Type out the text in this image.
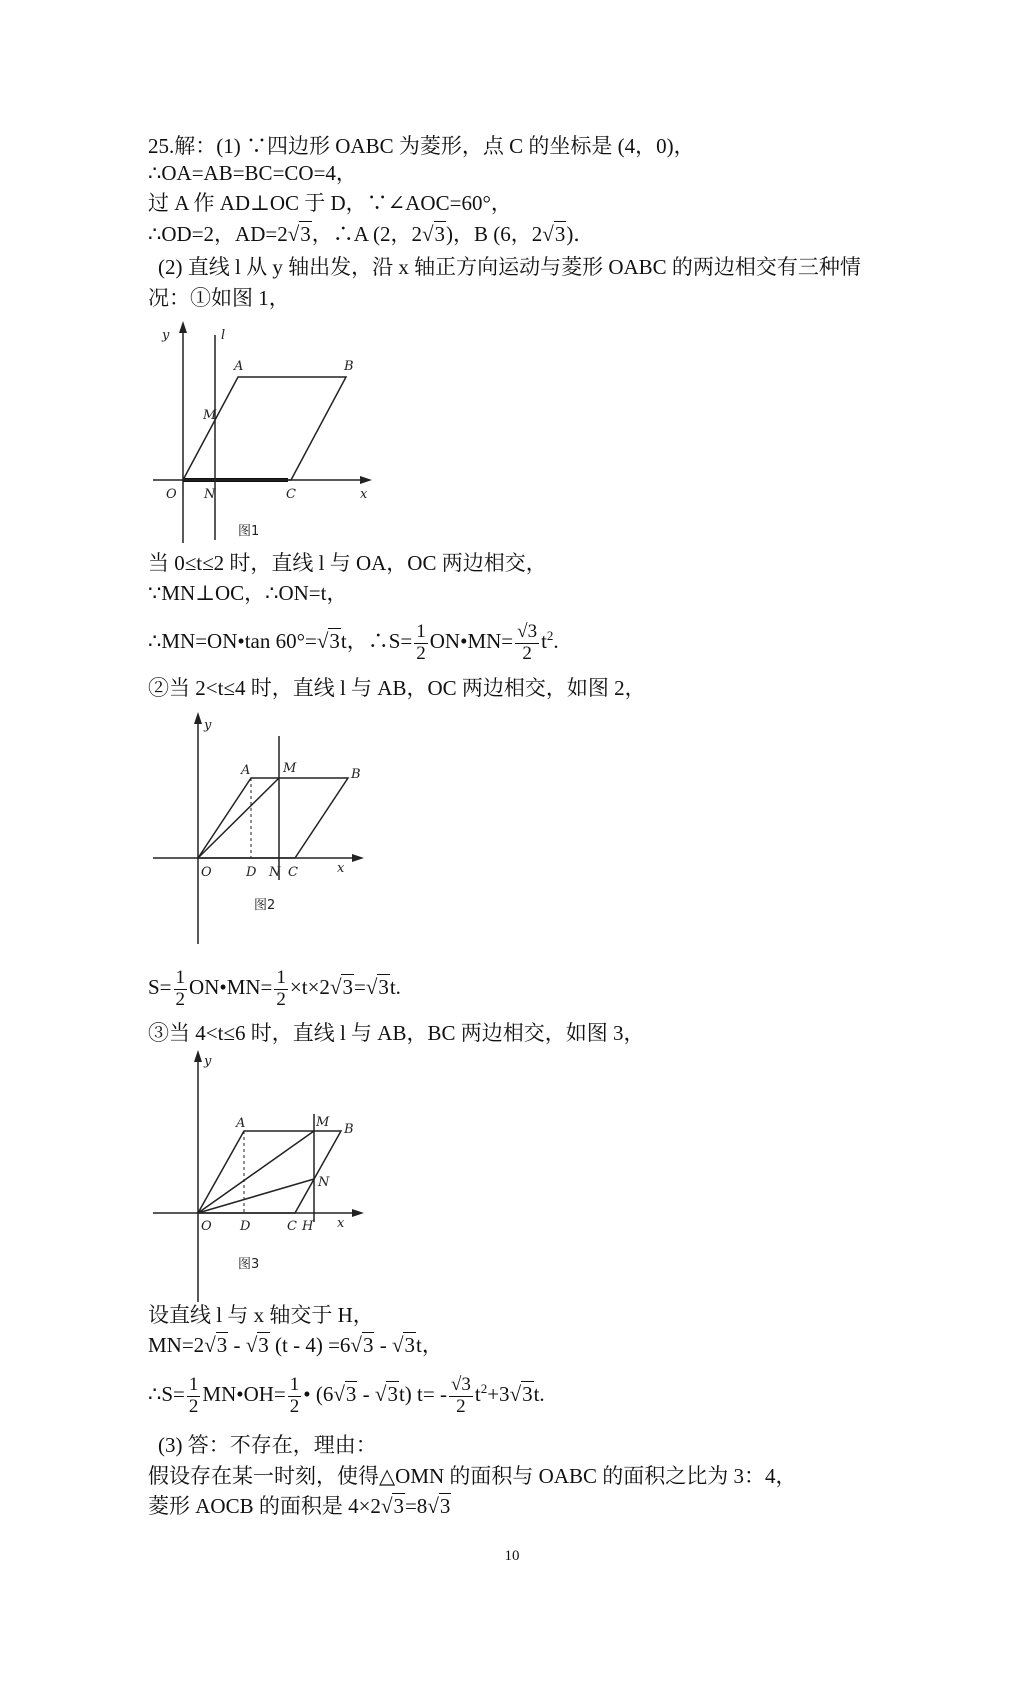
25.解：(1) ∵四边形 OABC 为菱形，点 C 的坐标是 (4，0)，
∴OA=AB=BC=CO=4，
过 A 作 AD⊥OC 于 D，∵∠AOC=60°，
∴OD=2，AD=2√3，∴A (2，2√3)，B (6，2√3)．
(2) 直线 l 从 y 轴出发，沿 x 轴正方向运动与菱形 OABC 的两边相交有三种情
况：①如图 1，
y	l
A	B
M
O N	C	x
图1
当 0≤t≤2 时，直线 l 与 OA，OC 两边相交，
∵MN⊥OC，∴ON=t，
∴MN=ON•tan 60°=√3t，∴S= $\frac{1}{2}$ ON•MN= $\frac{√3}{2} t^2$.
②当 2<t≤4 时，直线 l 与 AB，OC 两边相交，如图 2，
y
A	M	B
O	D N C	x
图2
$S= \frac{1}{2}$ ON•MN= $\frac{1}{2} \times t\times 2√3=√3t$.
③当 4<t≤6 时，直线 l 与 AB，BC 两边相交，如图 3，
y
A	M B
N
O D	C H x
图3
设直线 l 与 x 轴交于 H，
MN=2√3 - √3 (t - 4) =6√3 - √3t，
∴S= $\frac{1}{2}$ MN•OH= $\frac{1}{2}$ • (6√3 - √3t) $t= - \frac{√3}{2} t^2+3√3t$.
(3) 答：不存在，理由：
假设存在某一时刻，使得△OMN 的面积与 OABC 的面积之比为 3：4，
菱形 AOCB 的面积是 4×2√3=8√3
10
